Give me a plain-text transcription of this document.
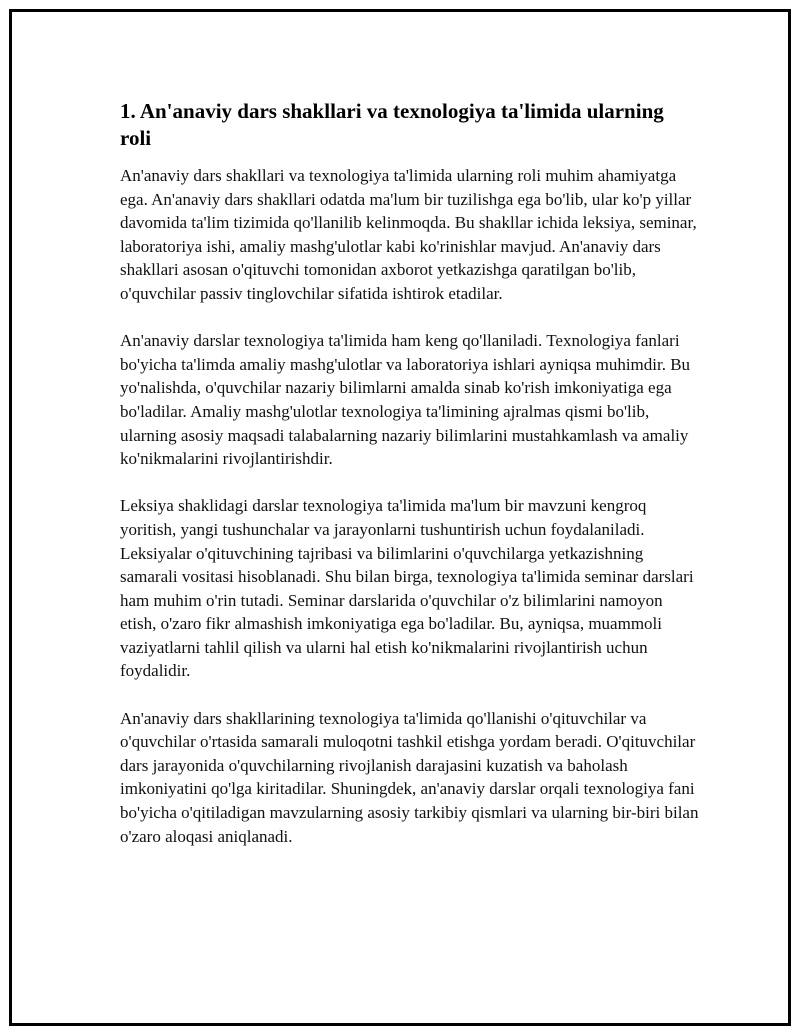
1. An'anaviy dars shakllari va texnologiya ta'limida ularning roli

An'anaviy dars shakllari va texnologiya ta'limida ularning roli muhim ahamiyatga ega. An'anaviy dars shakllari odatda ma'lum bir tuzilishga ega bo'lib, ular ko'p yillar davomida ta'lim tizimida qo'llanilib kelinmoqda. Bu shakllar ichida leksiya, seminar, laboratoriya ishi, amaliy mashg'ulotlar kabi ko'rinishlar mavjud. An'anaviy dars shakllari asosan o'qituvchi tomonidan axborot yetkazishga qaratilgan bo'lib, o'quvchilar passiv tinglovchilar sifatida ishtirok etadilar.

An'anaviy darslar texnologiya ta'limida ham keng qo'llaniladi. Texnologiya fanlari bo'yicha ta'limda amaliy mashg'ulotlar va laboratoriya ishlari ayniqsa muhimdir. Bu yo'nalishda, o'quvchilar nazariy bilimlarni amalda sinab ko'rish imkoniyatiga ega bo'ladilar. Amaliy mashg'ulotlar texnologiya ta'limining ajralmas qismi bo'lib, ularning asosiy maqsadi talabalarning nazariy bilimlarini mustahkamlash va amaliy ko'nikmalarini rivojlantirishdir.

Leksiya shaklidagi darslar texnologiya ta'limida ma'lum bir mavzuni kengroq yoritish, yangi tushunchalar va jarayonlarni tushuntirish uchun foydalaniladi. Leksiyalar o'qituvchining tajribasi va bilimlarini o'quvchilarga yetkazishning samarali vositasi hisoblanadi. Shu bilan birga, texnologiya ta'limida seminar darslari ham muhim o'rin tutadi. Seminar darslarida o'quvchilar o'z bilimlarini namoyon etish, o'zaro fikr almashish imkoniyatiga ega bo'ladilar. Bu, ayniqsa, muammoli vaziyatlarni tahlil qilish va ularni hal etish ko'nikmalarini rivojlantirish uchun foydalidir.

An'anaviy dars shakllarining texnologiya ta'limida qo'llanishi o'qituvchilar va o'quvchilar o'rtasida samarali muloqotni tashkil etishga yordam beradi. O'qituvchilar dars jarayonida o'quvchilarning rivojlanish darajasini kuzatish va baholash imkoniyatini qo'lga kiritadilar. Shuningdek, an'anaviy darslar orqali texnologiya fani bo'yicha o'qitiladigan mavzularning asosiy tarkibiy qismlari va ularning bir-biri bilan o'zaro aloqasi aniqlanadi.
